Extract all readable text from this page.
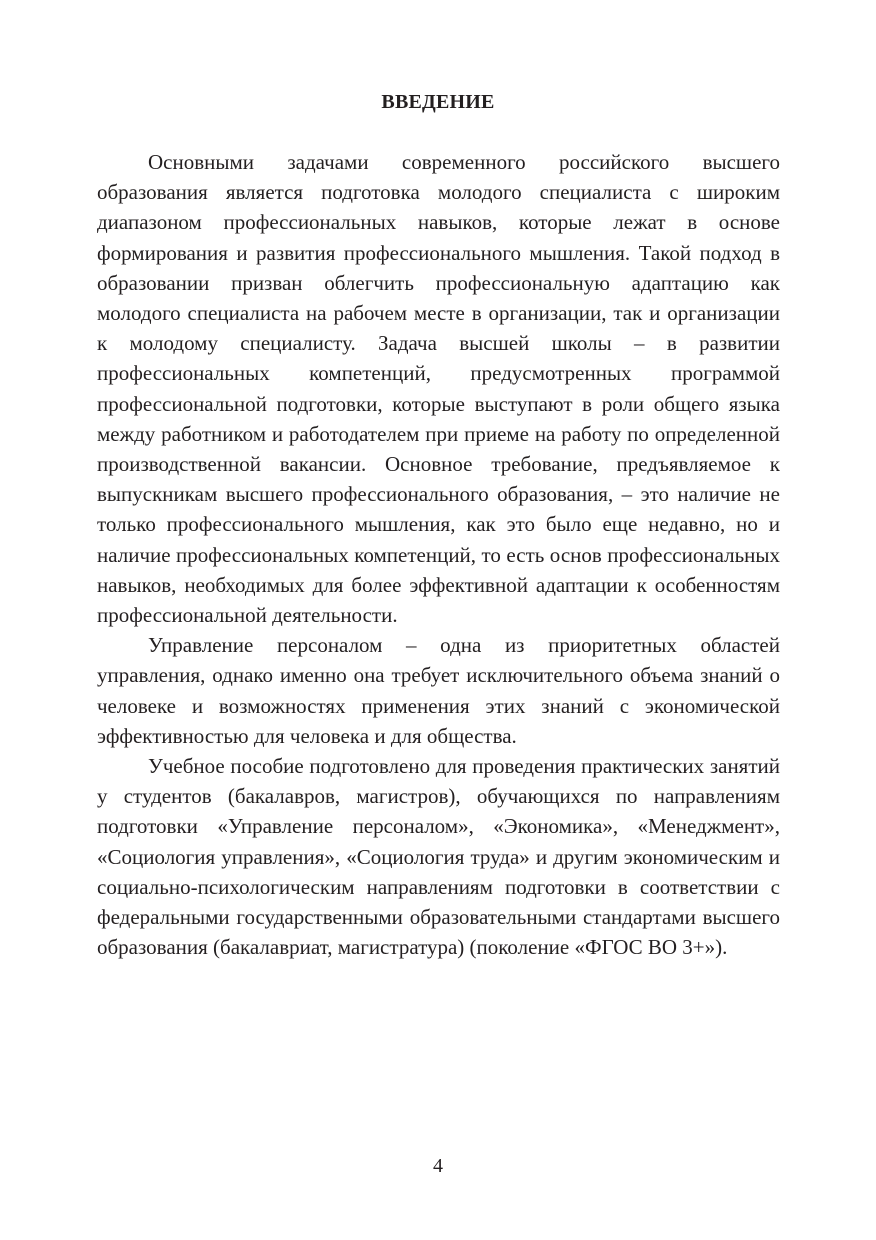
ВВЕДЕНИЕ

Основными задачами современного российского высшего образования является подготовка молодого специалиста с широким диапазоном профессиональных навыков, которые лежат в основе формирования и развития профессионального мышления. Такой подход в образовании призван облегчить профессиональную адаптацию как молодого специалиста на рабочем месте в организации, так и организации к молодому специалисту. Задача высшей школы – в развитии профессиональных компетенций, предусмотренных программой профессиональной подготовки, которые выступают в роли общего языка между работником и работодателем при приеме на работу по определенной производственной вакансии. Основное требование, предъявляемое к выпускникам высшего профессионального образования, – это наличие не только профессионального мышления, как это было еще недавно, но и наличие профессиональных компетенций, то есть основ профессиональных навыков, необходимых для более эффективной адаптации к особенностям профессиональной деятельности.

Управление персоналом – одна из приоритетных областей управления, однако именно она требует исключительного объема знаний о человеке и возможностях применения этих знаний с экономической эффективностью для человека и для общества.

Учебное пособие подготовлено для проведения практических занятий у студентов (бакалавров, магистров), обучающихся по направлениям подготовки «Управление персоналом», «Экономика», «Менеджмент», «Социология управления», «Социология труда» и другим экономическим и социально-психологическим направлениям подготовки в соответствии с федеральными государственными образовательными стандартами высшего образования (бакалавриат, магистратура) (поколение «ФГОС ВО 3+»).

4
